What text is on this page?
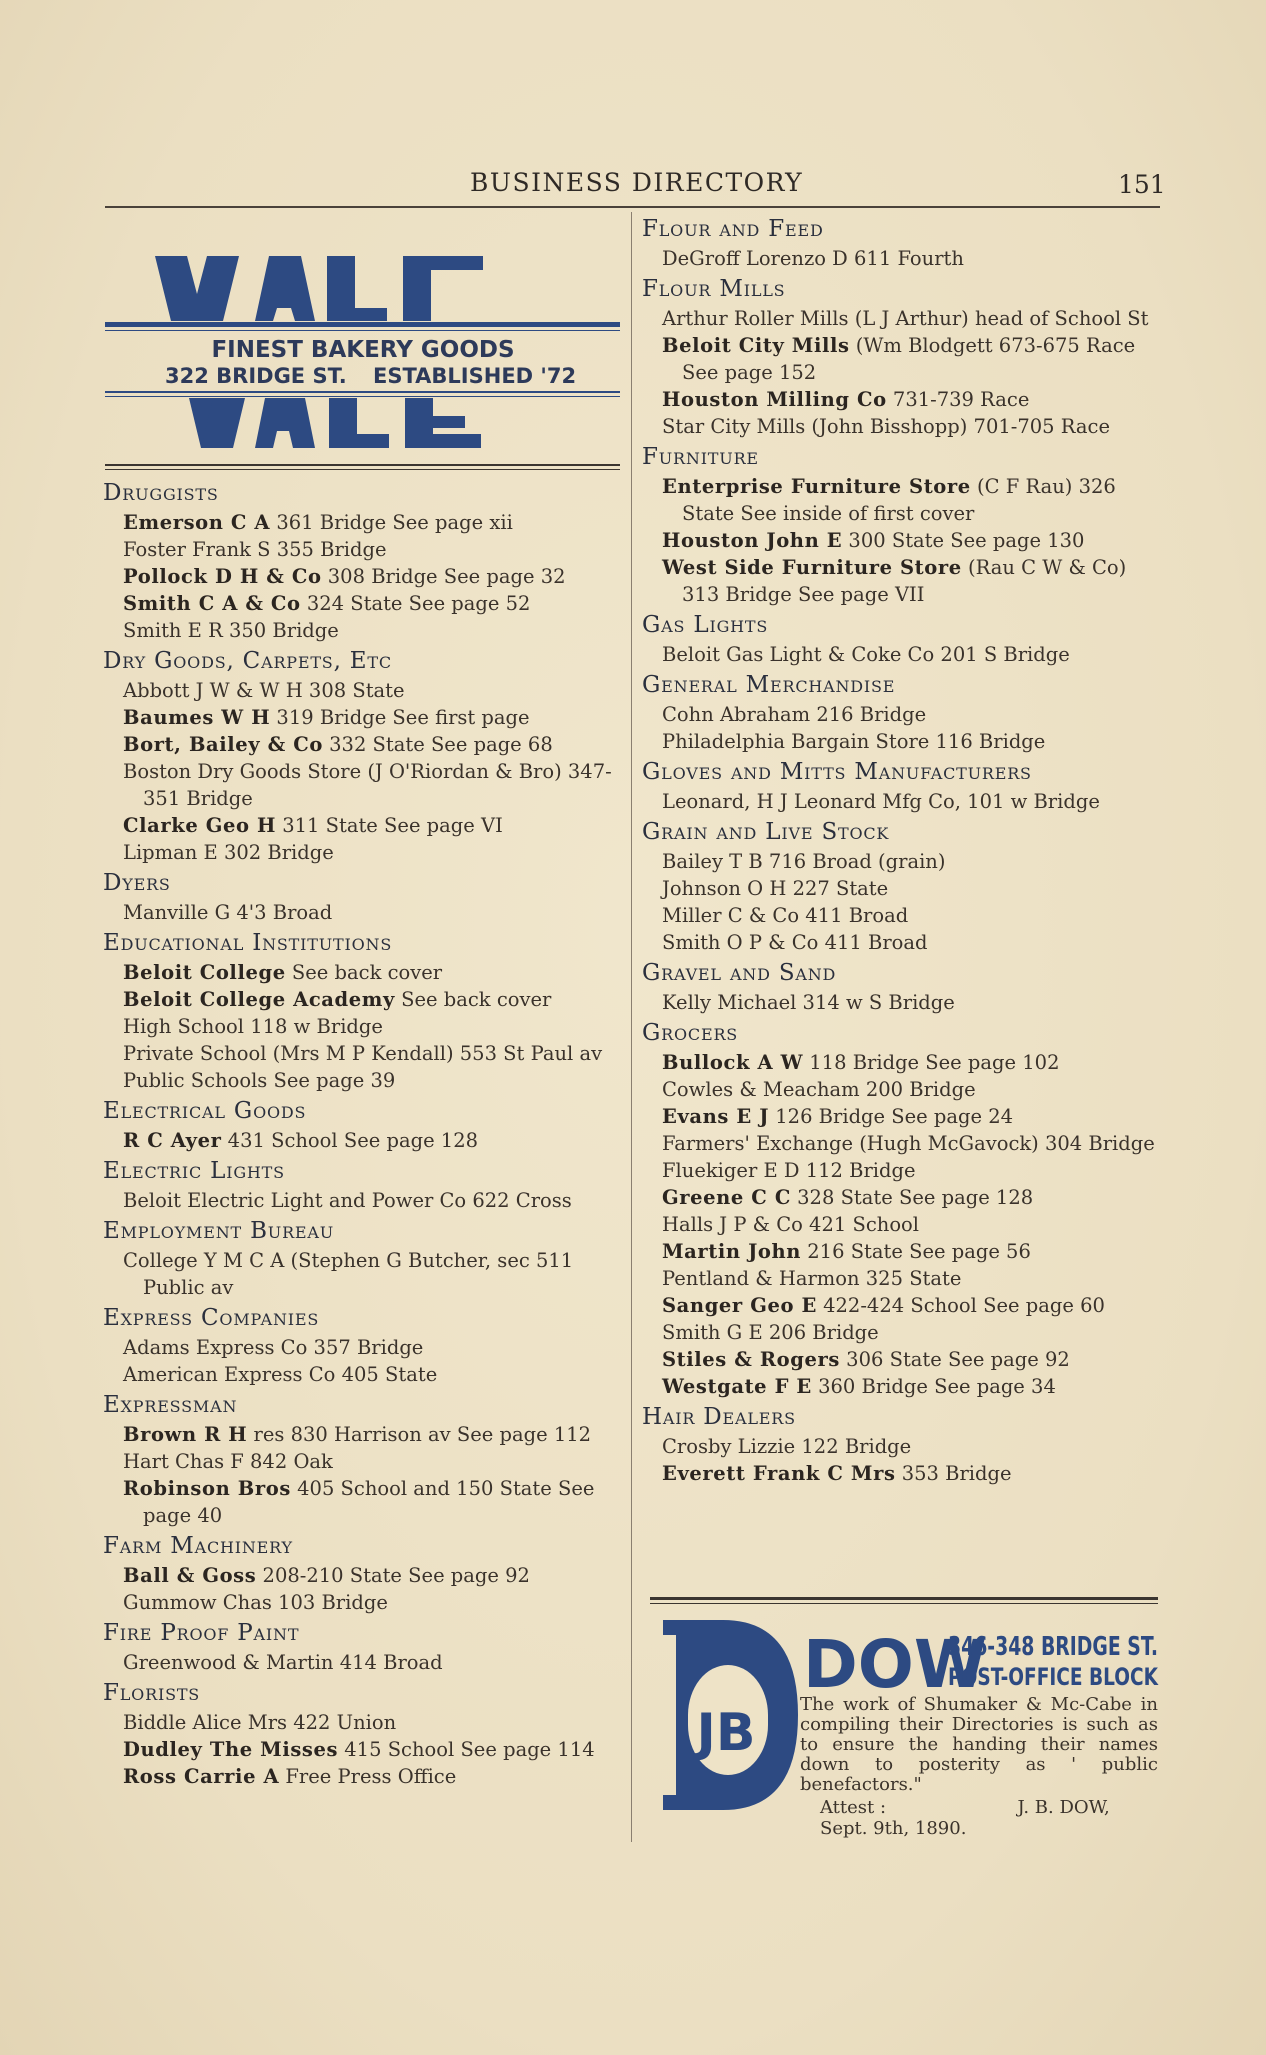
BUSINESS DIRECTORY	151
FINEST BAKERY GOODS
322 BRIDGE ST. ESTABLISHED '72
Druggists
Emerson C A 361 Bridge See page xii
Foster Frank S 355 Bridge
Pollock D H & Co 308 Bridge See page 32
Smith C A & Co 324 State See page 52
Smith E R 350 Bridge
Dry Goods, Carpets, Etc
Abbott J W & W H 308 State
Baumes W H 319 Bridge See first page
Bort, Bailey & Co 332 State See page 68
Boston Dry Goods Store (J O'Riordan & Bro) 347-351 Bridge
Clarke Geo H 311 State See page VI
Lipman E 302 Bridge
Dyers
Manville G 4'3 Broad
Educational Institutions
Beloit College See back cover
Beloit College Academy See back cover
High School 118 w Bridge
Private School (Mrs M P Kendall) 553 St Paul av
Public Schools See page 39
Electrical Goods
R C Ayer 431 School See page 128
Electric Lights
Beloit Electric Light and Power Co 622 Cross
Employment Bureau
College Y M C A (Stephen G Butcher, sec 511 Public av
Express Companies
Adams Express Co 357 Bridge
American Express Co 405 State
Expressman
Brown R H res 830 Harrison av See page 112
Hart Chas F 842 Oak
Robinson Bros 405 School and 150 State See page 40
Farm Machinery
Ball & Goss 208-210 State See page 92
Gummow Chas 103 Bridge
Fire Proof Paint
Greenwood & Martin 414 Broad
Florists
Biddle Alice Mrs 422 Union
Dudley The Misses 415 School See page 114
Ross Carrie A Free Press Office
Flour and Feed
DeGroff Lorenzo D 611 Fourth
Flour Mills
Arthur Roller Mills (L J Arthur) head of School St
Beloit City Mills (Wm Blodgett 673-675 Race See page 152
Houston Milling Co 731-739 Race
Star City Mills (John Bisshopp) 701-705 Race
Furniture
Enterprise Furniture Store (C F Rau) 326 State See inside of first cover
Houston John E 300 State See page 130
West Side Furniture Store (Rau C W & Co) 313 Bridge See page VII
Gas Lights
Beloit Gas Light & Coke Co 201 S Bridge
General Merchandise
Cohn Abraham 216 Bridge
Philadelphia Bargain Store 116 Bridge
Gloves and Mitts Manufacturers
Leonard, H J Leonard Mfg Co, 101 w Bridge
Grain and Live Stock
Bailey T B 716 Broad (grain)
Johnson O H 227 State
Miller C & Co 411 Broad
Smith O P & Co 411 Broad
Gravel and Sand
Kelly Michael 314 w S Bridge
Grocers
Bullock A W 118 Bridge See page 102
Cowles & Meacham 200 Bridge
Evans E J 126 Bridge See page 24
Farmers' Exchange (Hugh McGavock) 304 Bridge
Fluekiger E D 112 Bridge
Greene C C 328 State See page 128
Halls J P & Co 421 School
Martin John 216 State See page 56
Pentland & Harmon 325 State
Sanger Geo E 422-424 School See page 60
Smith G E 206 Bridge
Stiles & Rogers 306 State See page 92
Westgate F E 360 Bridge See page 34
Hair Dealers
Crosby Lizzie 122 Bridge
Everett Frank C Mrs 353 Bridge
JB
DOW
346-348 BRIDGE ST.
POST-OFFICE BLOCK
The work of Shumaker & Mc-Cabe in compiling their Directories is such as to ensure the handing their names down to posterity as ' public benefactors."
Attest :	J. B. DOW,
Sept. 9th, 1890.
